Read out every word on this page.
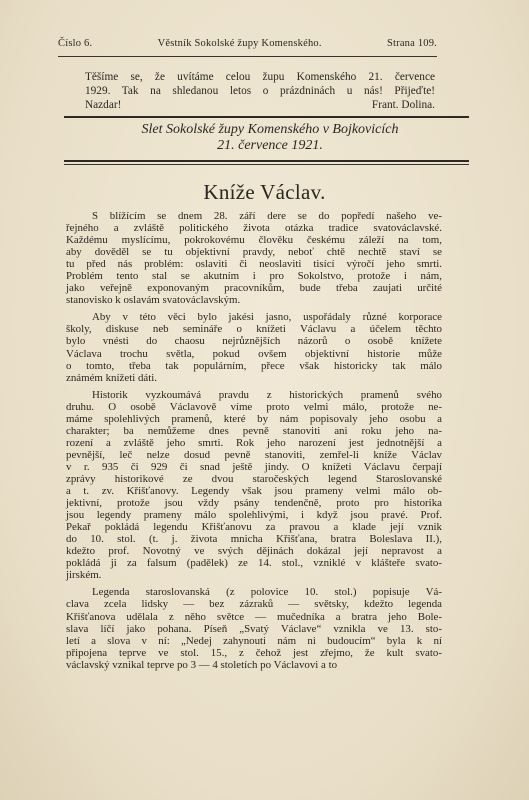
Číslo 6.	Věstník Sokolské župy Komenského.	Strana 109.
Těšíme se, že uvítáme celou župu Komenského 21. července
1929. Tak na shledanou letos o prázdninách u nás! Přijeďte!
Nazdar!	Frant. Dolina.
Slet Sokolské župy Komenského v Bojkovicích
21. července 1921.
Kníže Václav.
S blížícím se dnem 28. září dere se do popředí našeho ve-
řejného a zvláště politického života otázka tradice svatováclavské.
Každému myslícímu, pokrokovému člověku českému záleží na tom,
aby dověděl se tu objektivní pravdy, neboť chtě nechtě staví se
tu před nás problém: oslaviti či neoslaviti tisící výročí jeho smrti.
Problém tento stal se akutním i pro Sokolstvo, protože i nám,
jako veřejně exponovaným pracovníkům, bude třeba zaujati určité
stanovisko k oslavám svatováclavským.
Aby v této věci bylo jakési jasno, uspořádaly různé korporace
školy, diskuse neb semináře o knížeti Václavu a účelem těchto
bylo vnésti do chaosu nejrůznějších názorů o osobě knížete
Václava trochu světla, pokud ovšem objektivní historie může
o tomto, třeba tak populárním, přece však historicky tak málo
známém knížeti dáti.
Historik vyzkoumává pravdu z historických pramenů svého
druhu. O osobě Václavově víme proto velmi málo, protože ne-
máme spolehlivých pramenů, které by nám popisovaly jeho osobu a
charakter; ba nemůžeme dnes pevně stanoviti ani roku jeho na-
rození a zvláště jeho smrti. Rok jeho narození jest jednotnější a
pevnější, leč nelze dosud pevně stanoviti, zemřel-li kníže Václav
v r. 935 či 929 či snad ještě jindy. O knížeti Václavu čerpají
zprávy historikové ze dvou staročeských legend Staroslovanské
a t. zv. Křišťanovy. Legendy však jsou prameny velmi málo ob-
jektivní, protože jsou vždy psány tendenčně, proto pro historika
jsou legendy prameny málo spolehlivými, i když jsou pravé. Prof.
Pekař pokládá legendu Křišťanovu za pravou a klade její vznik
do 10. stol. (t. j. života mnicha Křišťana, bratra Boleslava II.),
kdežto prof. Novotný ve svých dějinách dokázal její nepravost a
pokládá ji za falsum (padělek) ze 14. stol., vzniklé v klášteře svato-
jirském.
Legenda staroslovanská (z polovice 10. stol.) popisuje Vá-
clava zcela lidsky — bez zázraků — světsky, kdežto legenda
Křišťanova udělala z něho světce — mučedníka a bratra jeho Bole-
slava líčí jako pohana. Píseň „Svatý Václave“ vznikla ve 13. sto-
letí a slova v ní: „Nedej zahynouti nám ni budoucím“ byla k ní
připojena teprve ve stol. 15., z čehož jest zřejmo, že kult svato-
václavský vznikal teprve po 3 — 4 stoletích po Václavovi a to
